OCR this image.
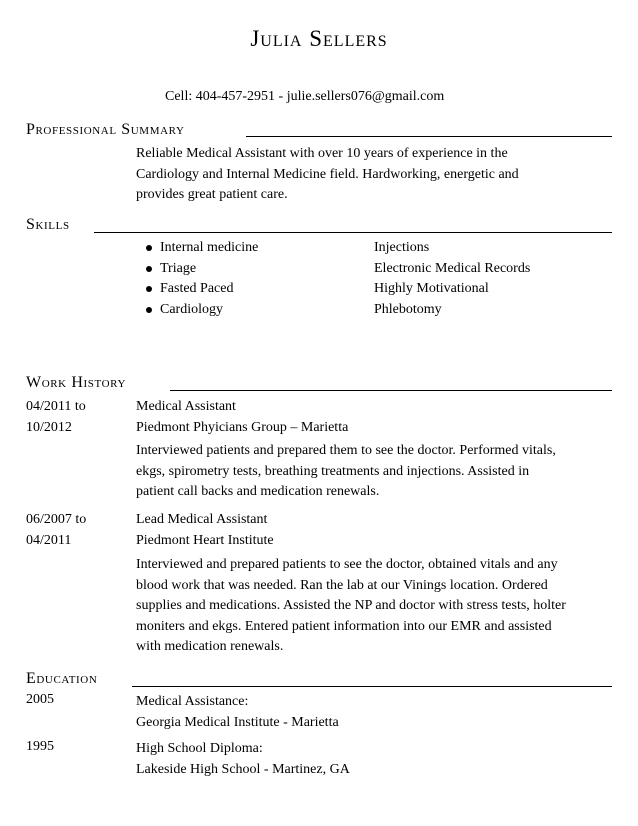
Julia Sellers
Cell: 404-457-2951 - julie.sellers076@gmail.com
Professional Summary
Reliable Medical Assistant with over 10 years of experience in the
Cardiology and Internal Medicine field. Hardworking, energetic and
provides great patient care.
Skills
Internal medicine
Triage
Fasted Paced
Cardiology
Injections
Electronic Medical Records
Highly Motivational
Phlebotomy
Work History
04/2011 to
10/2012
Medical Assistant
Piedmont Phyicians Group – Marietta
Interviewed patients and prepared them to see the doctor. Performed vitals,
ekgs, spirometry tests, breathing treatments and injections. Assisted in
patient call backs and medication renewals.
06/2007 to
04/2011
Lead Medical Assistant
Piedmont Heart Institute
Interviewed and prepared patients to see the doctor, obtained vitals and any
blood work that was needed. Ran the lab at our Vinings location. Ordered
supplies and medications. Assisted the NP and doctor with stress tests, holter
moniters and ekgs. Entered patient information into our EMR and assisted
with medication renewals.
Education
2005	Medical Assistance:
Georgia Medical Institute - Marietta
1995	High School Diploma:
Lakeside High School - Martinez, GA
